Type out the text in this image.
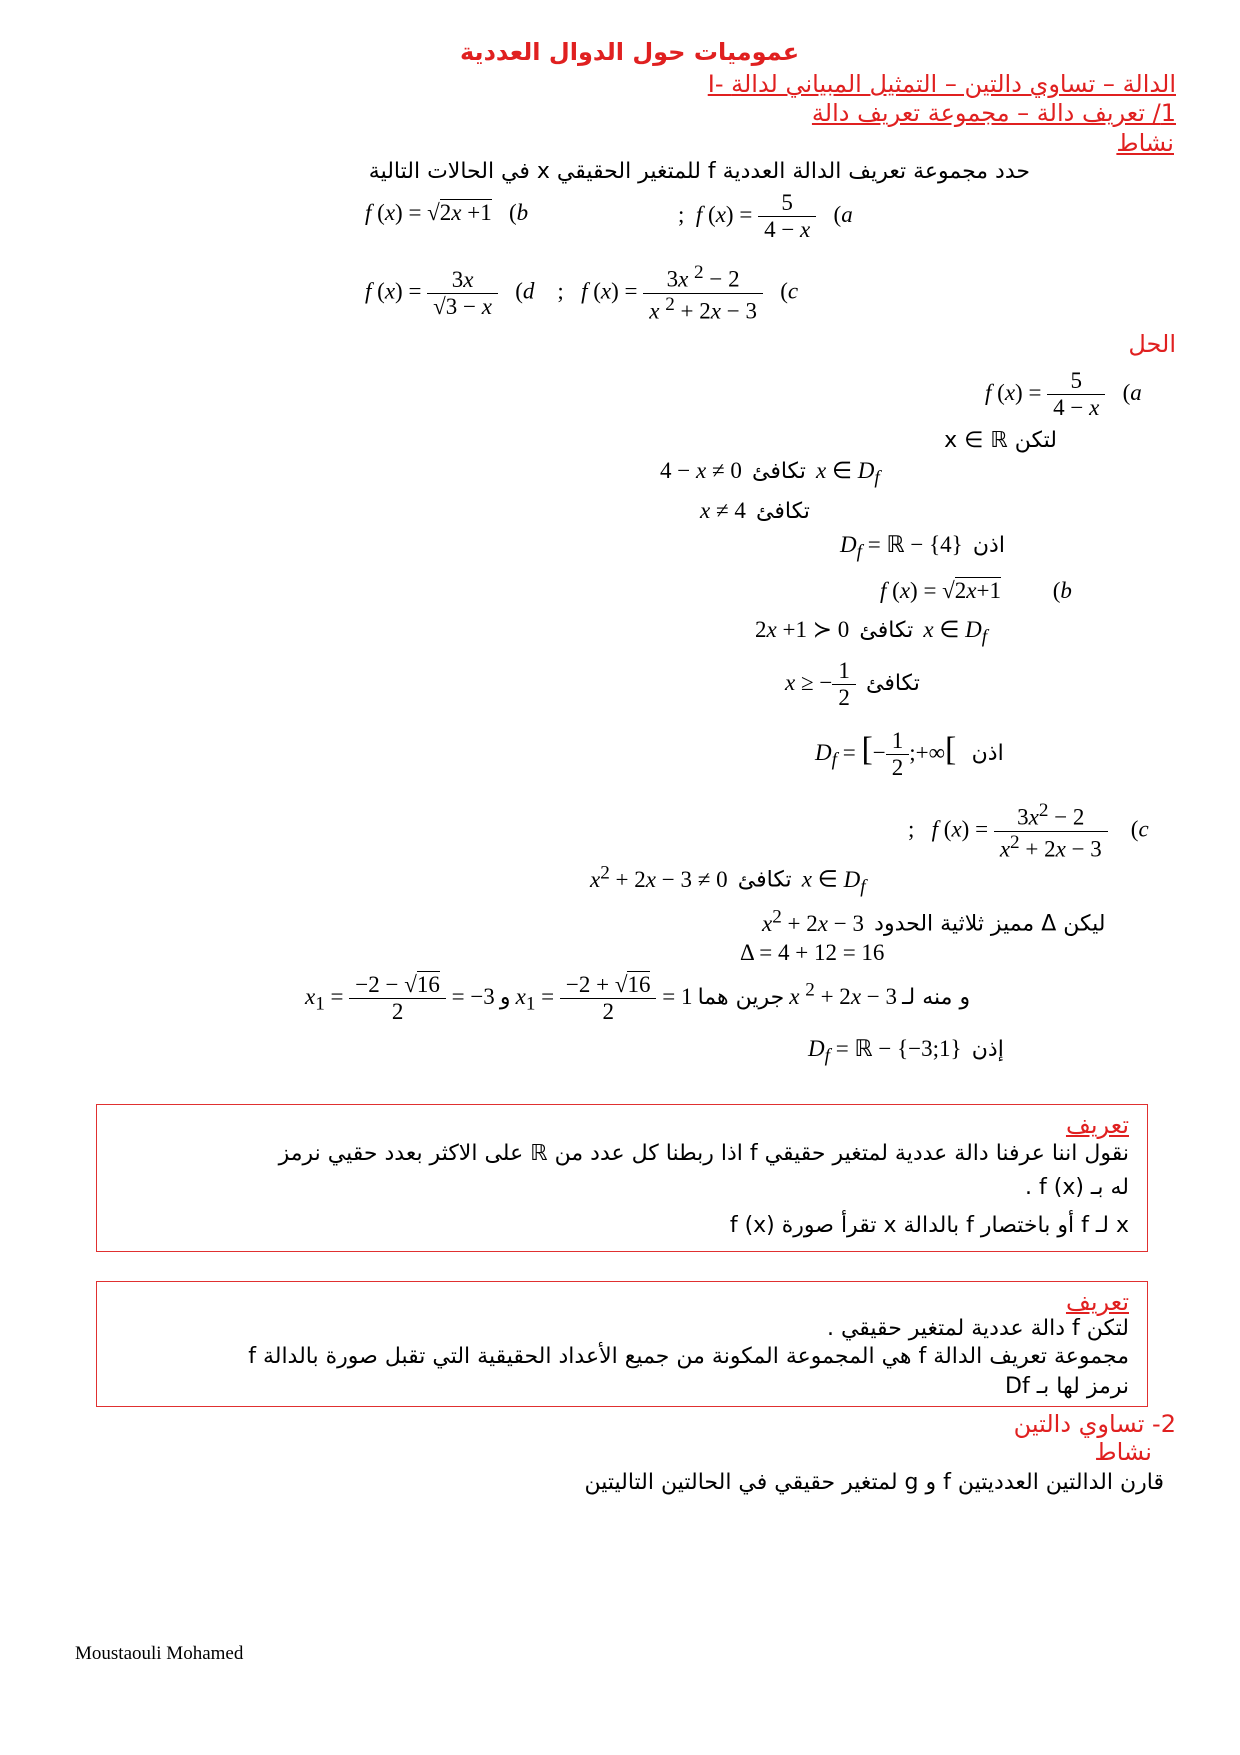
عموميات حول الدوال العددية
I- الدالة – تساوي دالتين – التمثيل المبياني لدالة
1/ تعريف دالة – مجموعة تعريف دالة
نشاط
حدد مجموعة تعريف الدالة العددية f للمتغير الحقيقي x في الحالات التالية
f (x) = √2x +1   (b	;  f $(x) = \frac{5}{4 - x} (a$
f $(x) = \frac{3x}{√3 - x} (d$    ;   f $(x) = \frac{3x ^2 - 2}{x ^2 + 2x - 3} (c$
الحل
f $(x) = \frac{5}{4 - x} (a$
لتكن x ∈ ℝ
4 − x ≠ 0 تكافئ x ∈ $D_f$
x ≠ 4 تكافئ
$D_f$ = ℝ − {4} اذن
f (x) = √2x+1         (b
2x +1 ≻ 0 تكافئ x ∈ $D_f$
x ≥ − $\frac{1}{2}$ تكافئ
$D_f$ = [− $\frac{1}{2}$ ;+∞[ اذن
;   f $(x) = \frac{3x^2 - 2}{x^2 + 2x - 3} (c$
$x^2 + 2x - 3 \ne 0$ تكافئ x ∈ $D_f$
$x^2 + 2x - 3$ ليكن Δ مميز ثلاثية الحدود
Δ = 4 + 12 = 16
$x_1 = \frac{-2 - √16}{2} = -3$ و $x_1 = \frac{-2 + √16}{2} = 1$ جرين هما x $^2$ + 2x − 3 و منه لـ
$D_f$ = ℝ − {−3;1} إذن
تعريف
نقول اننا عرفنا دالة عددية لمتغير حقيقي f اذا ربطنا كل عدد من ℝ على الاكثر بعدد حقيي نرمز
له بـ f (x) .
f (x) تقرأ صورة x بالدالة f أو باختصار f لـ x
تعريف
لتكن f دالة عددية لمتغير حقيقي .
مجموعة تعريف الدالة f هي المجموعة المكونة من جميع الأعداد الحقيقية التي تقبل صورة بالدالة f
نرمز لها بـ Df
2- تساوي دالتين
نشاط
قارن الدالتين العدديتين f و g لمتغير حقيقي في الحالتين التاليتين
Moustaouli Mohamed
